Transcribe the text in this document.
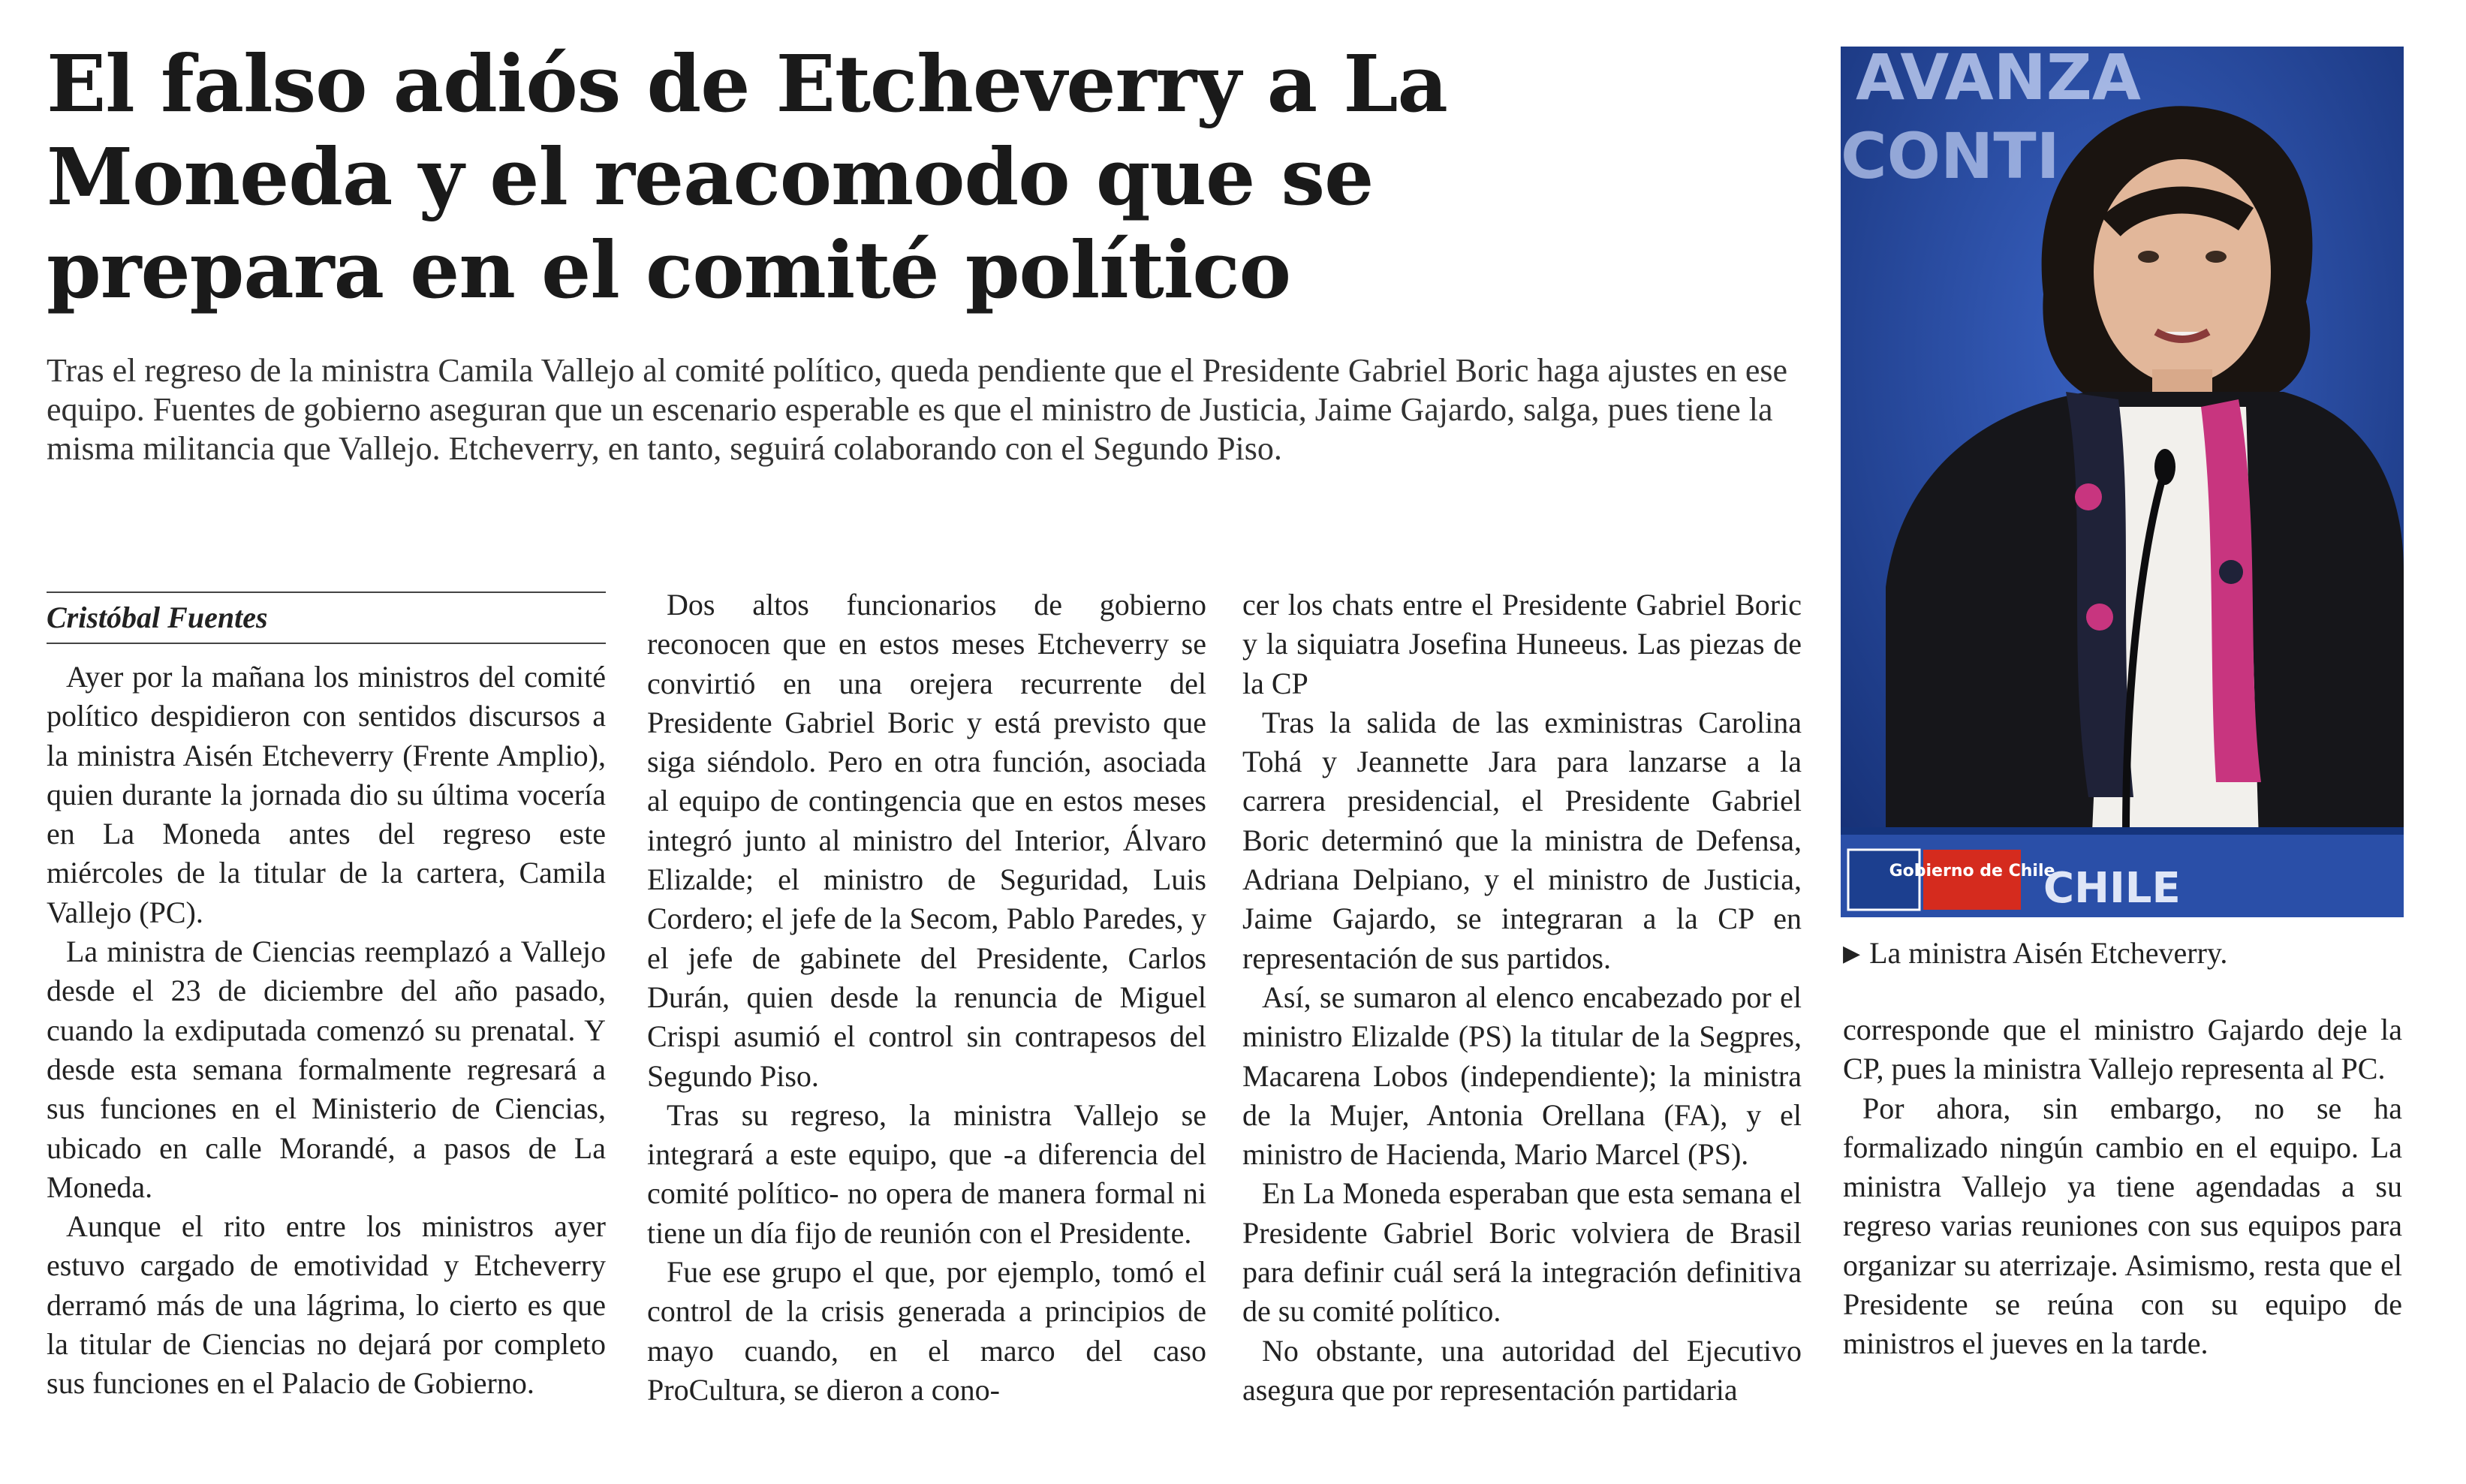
El falso adiós de Etcheverry a La Moneda y el reacomodo que se prepara en el comité político

Tras el regreso de la ministra Camila Vallejo al comité político, queda pendiente que el Presidente Gabriel Boric haga ajustes en ese equipo. Fuentes de gobierno aseguran que un escenario esperable es que el ministro de Justicia, Jaime Gajardo, salga, pues tiene la misma militancia que Vallejo. Etcheverry, en tanto, seguirá colaborando con el Segundo Piso.

Cristóbal Fuentes

Ayer por la mañana los ministros del comité político despidieron con sentidos discursos a la ministra Aisén Etcheverry (Frente Amplio), quien durante la jornada dio su última vocería en La Moneda antes del regreso este miércoles de la titular de la cartera, Camila Vallejo (PC).

La ministra de Ciencias reemplazó a Vallejo desde el 23 de diciembre del año pasado, cuando la exdiputada comenzó su prenatal. Y desde esta semana formalmente regresará a sus funciones en el Ministerio de Ciencias, ubicado en calle Morandé, a pasos de La Moneda.

Aunque el rito entre los ministros ayer estuvo cargado de emotividad y Etcheverry derramó más de una lágrima, lo cierto es que la titular de Ciencias no dejará por completo sus funciones en el Palacio de Gobierno.

Dos altos funcionarios de gobierno reconocen que en estos meses Etcheverry se convirtió en una orejera recurrente del Presidente Gabriel Boric y está previsto que siga siéndolo. Pero en otra función, asociada al equipo de contingencia que en estos meses integró junto al ministro del Interior, Álvaro Elizalde; el ministro de Seguridad, Luis Cordero; el jefe de la Secom, Pablo Paredes, y el jefe de gabinete del Presidente, Carlos Durán, quien desde la renuncia de Miguel Crispi asumió el control sin contrapesos del Segundo Piso.

Tras su regreso, la ministra Vallejo se integrará a este equipo, que -a diferencia del comité político- no opera de manera formal ni tiene un día fijo de reunión con el Presidente.

Fue ese grupo el que, por ejemplo, tomó el control de la crisis generada a principios de mayo cuando, en el marco del caso ProCultura, se dieron a cono-

cer los chats entre el Presidente Gabriel Boric y la siquiatra Josefina Huneeus. Las piezas de la CP

Tras la salida de las exministras Carolina Tohá y Jeannette Jara para lanzarse a la carrera presidencial, el Presidente Gabriel Boric determinó que la ministra de Defensa, Adriana Delpiano, y el ministro de Justicia, Jaime Gajardo, se integraran a la CP en representación de sus partidos.

Así, se sumaron al elenco encabezado por el ministro Elizalde (PS) la titular de la Segpres, Macarena Lobos (independiente); la ministra de la Mujer, Antonia Orellana (FA), y el ministro de Hacienda, Mario Marcel (PS).

En La Moneda esperaban que esta semana el Presidente Gabriel Boric volviera de Brasil para definir cuál será la integración definitiva de su comité político.

No obstante, una autoridad del Ejecutivo asegura que por representación partidaria

AVANZA
CONTI
Gobierno de Chile
CHILE
▶ La ministra Aisén Etcheverry.

corresponde que el ministro Gajardo deje la CP, pues la ministra Vallejo representa al PC.

Por ahora, sin embargo, no se ha formalizado ningún cambio en el equipo. La ministra Vallejo ya tiene agendadas a su regreso varias reuniones con sus equipos para organizar su aterrizaje. Asimismo, resta que el Presidente se reúna con su equipo de ministros el jueves en la tarde.
